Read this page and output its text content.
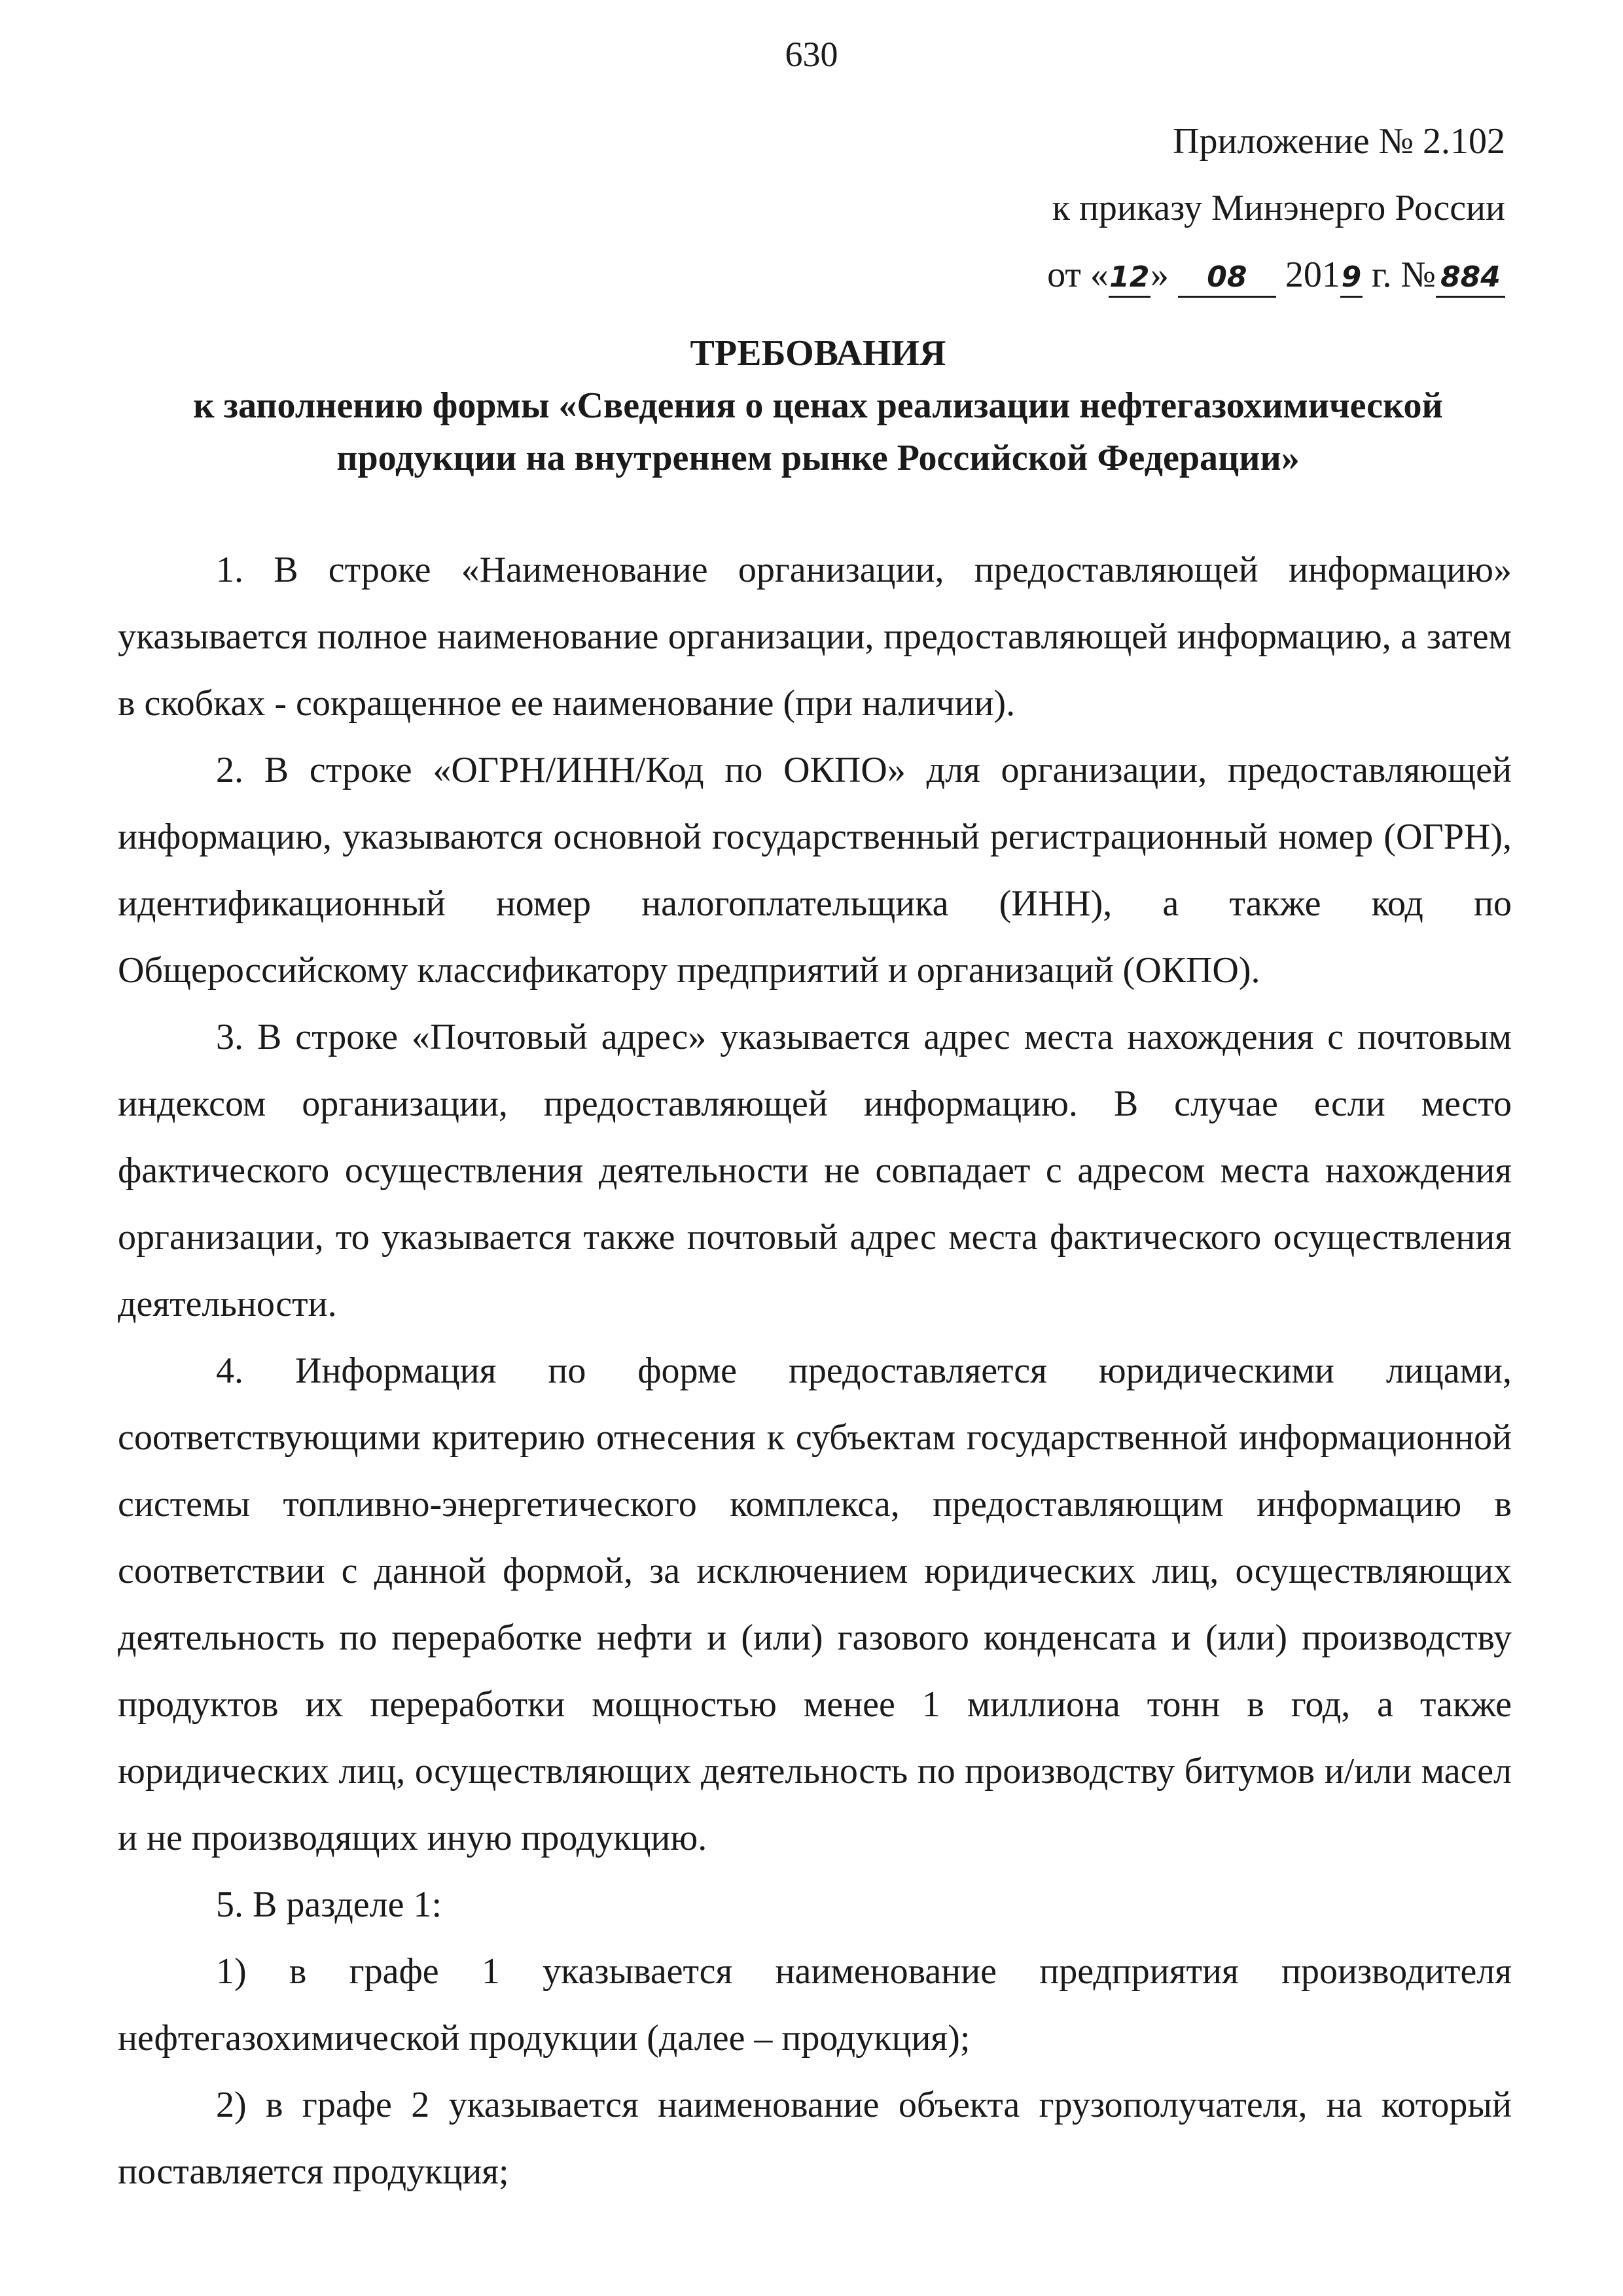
630
Приложение № 2.102
к приказу Минэнерго России
от «12» 08 2019 г. № 884
ТРЕБОВАНИЯ
к заполнению формы «Сведения о ценах реализации нефтегазохимической
продукции на внутреннем рынке Российской Федерации»

1. В строке «Наименование организации, предоставляющей информацию» указывается полное наименование организации, предоставляющей информацию, а затем в скобках - сокращенное ее наименование (при наличии).

2. В строке «ОГРН/ИНН/Код по ОКПО» для организации, предоставляющей информацию, указываются основной государственный регистрационный номер (ОГРН), идентификационный номер налогоплательщика (ИНН), а также код по Общероссийскому классификатору предприятий и организаций (ОКПО).

3. В строке «Почтовый адрес» указывается адрес места нахождения с почтовым индексом организации, предоставляющей информацию. В случае если место фактического осуществления деятельности не совпадает с адресом места нахождения организации, то указывается также почтовый адрес места фактического осуществления деятельности.

4. Информация по форме предоставляется юридическими лицами, соответствующими критерию отнесения к субъектам государственной информационной системы топливно-энергетического комплекса, предоставляющим информацию в соответствии с данной формой, за исключением юридических лиц, осуществляющих деятельность по переработке нефти и (или) газового конденсата и (или) производству продуктов их переработки мощностью менее 1 миллиона тонн в год, а также юридических лиц, осуществляющих деятельность по производству битумов и/или масел и не производящих иную продукцию.

5. В разделе 1:

1) в графе 1 указывается наименование предприятия производителя нефтегазохимической продукции (далее – продукция);

2) в графе 2 указывается наименование объекта грузополучателя, на который поставляется продукция;
